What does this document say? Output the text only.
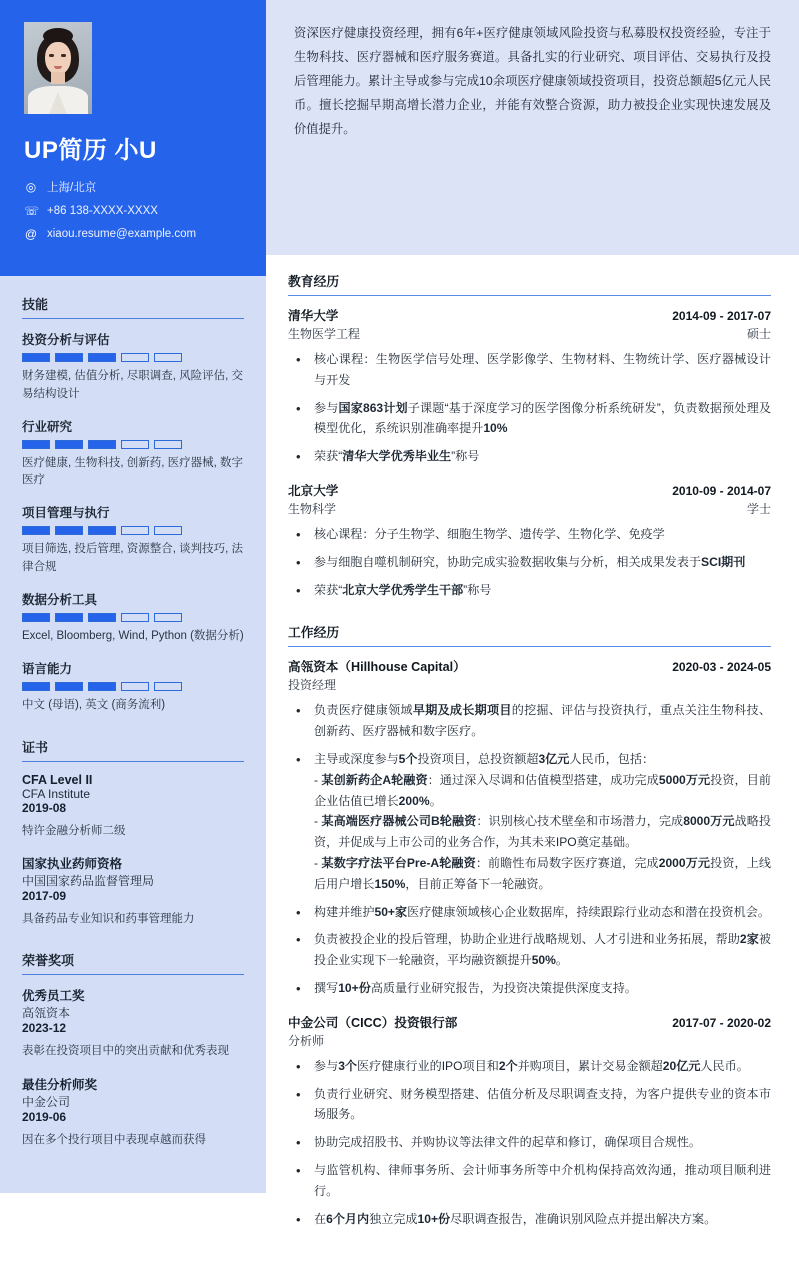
UP简历 小U
◎ 上海/北京
☏ +86 138-XXXX-XXXX
@ xiaou.resume@example.com
技能
投资分析与评估
财务建模, 估值分析, 尽职调查, 风险评估, 交易结构设计
行业研究
医疗健康, 生物科技, 创新药, 医疗器械, 数字医疗
项目管理与执行
项目筛选, 投后管理, 资源整合, 谈判技巧, 法律合规
数据分析工具
Excel, Bloomberg, Wind, Python (数据分析)
语言能力
中文 (母语), 英文 (商务流利)
证书
CFA Level II
CFA Institute
2019-08
特许金融分析师二级
国家执业药师资格
中国国家药品监督管理局
2017-09
具备药品专业知识和药事管理能力
荣誉奖项
优秀员工奖
高瓴资本
2023-12
表彰在投资项目中的突出贡献和优秀表现
最佳分析师奖
中金公司
2019-06
因在多个投行项目中表现卓越而获得
资深医疗健康投资经理，拥有6年+医疗健康领域风险投资与私募股权投资经验，专注于生物科技、医疗器械和医疗服务赛道。具备扎实的行业研究、项目评估、交易执行及投后管理能力。累计主导或参与完成10余项医疗健康领域投资项目，投资总额超5亿元人民币。擅长挖掘早期高增长潜力企业，并能有效整合资源，助力被投企业实现快速发展及价值提升。
教育经历
清华大学	2014-09 - 2017-07
生物医学工程	硕士
• 核心课程：生物医学信号处理、医学影像学、生物材料、生物统计学、医疗器械设计与开发
• 参与国家863计划子课题“基于深度学习的医学图像分析系统研发”，负责数据预处理及模型优化，系统识别准确率提升10%
• 荣获“清华大学优秀毕业生”称号
北京大学	2010-09 - 2014-07
生物科学	学士
• 核心课程：分子生物学、细胞生物学、遗传学、生物化学、免疫学
• 参与细胞自噬机制研究，协助完成实验数据收集与分析，相关成果发表于SCI期刊
• 荣获“北京大学优秀学生干部”称号
工作经历
高瓴资本（Hillhouse Capital）	2020-03 - 2024-05
投资经理
• 负责医疗健康领域早期及成长期项目的挖掘、评估与投资执行，重点关注生物科技、创新药、医疗器械和数字医疗。
• 主导或深度参与5个投资项目，总投资额超3亿元人民币，包括：
- 某创新药企A轮融资：通过深入尽调和估值模型搭建，成功完成5000万元投资，目前企业估值已增长200%。
- 某高端医疗器械公司B轮融资：识别核心技术壁垒和市场潜力，完成8000万元战略投资，并促成与上市公司的业务合作，为其未来IPO奠定基础。
- 某数字疗法平台Pre-A轮融资：前瞻性布局数字医疗赛道，完成2000万元投资，上线后用户增长150%，目前正筹备下一轮融资。
• 构建并维护50+家医疗健康领域核心企业数据库，持续跟踪行业动态和潜在投资机会。
• 负责被投企业的投后管理，协助企业进行战略规划、人才引进和业务拓展，帮助2家被投企业实现下一轮融资，平均融资额提升50%。
• 撰写10+份高质量行业研究报告，为投资决策提供深度支持。
中金公司（CICC）投资银行部	2017-07 - 2020-02
分析师
• 参与3个医疗健康行业的IPO项目和2个并购项目，累计交易金额超20亿元人民币。
• 负责行业研究、财务模型搭建、估值分析及尽职调查支持，为客户提供专业的资本市场服务。
• 协助完成招股书、并购协议等法律文件的起草和修订，确保项目合规性。
• 与监管机构、律师事务所、会计师事务所等中介机构保持高效沟通，推动项目顺利进行。
• 在6个月内独立完成10+份尽职调查报告，准确识别风险点并提出解决方案。
